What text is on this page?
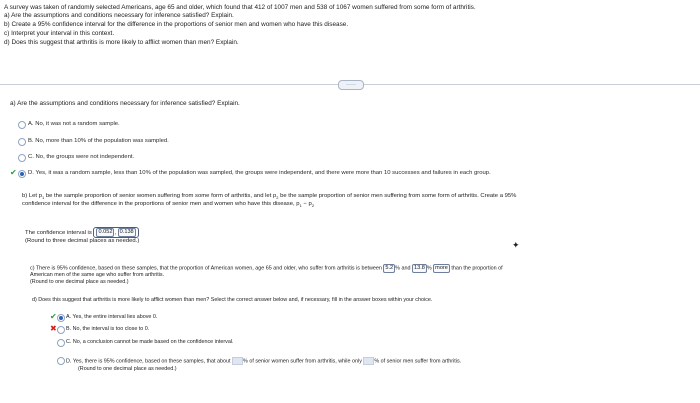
A survey was taken of randomly selected Americans, age 65 and older, which found that 412 of 1007 men and 538 of 1067 women suffered from some form of arthritis.
a) Are the assumptions and conditions necessary for inference satisfied? Explain.
b) Create a 95% confidence interval for the difference in the proportions of senior men and women who have this disease.
c) Interpret your interval in this context.
d) Does this suggest that arthritis is more likely to afflict women than men? Explain.
·····
a) Are the assumptions and conditions necessary for inference satisfied? Explain.
A. No, it was not a random sample.
B. No, more than 10% of the population was sampled.
C. No, the groups were not independent.
✔ D. Yes, it was a random sample, less than 10% of the population was sampled, the groups were independent, and there were more than 10 successes and failures in each group.
b) Let $p_1$ be the sample proportion of senior women suffering from some form of arthritis, and let $p_2$ be the sample proportion of senior men suffering from some form of arthritis. Create a 95%
confidence interval for the difference in the proportions of senior men and women who have this disease, $p_1 - p_2$
The confidence interval is 0.052 , 0.138
(Round to three decimal places as needed.)	✦
c) There is 95% confidence, based on these samples, that the proportion of American women, age 65 and older, who suffer from arthritis is between 5.2 % and 13.8 % more than the proportion of
American men of the same age who suffer from arthritis.
(Round to one decimal place as needed.)
d) Does this suggest that arthritis is more likely to afflict women than men? Select the correct answer below and, if necessary, fill in the answer boxes within your choice.
✔ A. Yes, the entire interval lies above 0.
✖ B. No, the interval is too close to 0.
C. No, a conclusion cannot be made based on the confidence interval.
D. Yes, there is 95% confidence, based on these samples, that about % of senior women suffer from arthritis, while only % of senior men suffer from arthritis.
(Round to one decimal place as needed.)
